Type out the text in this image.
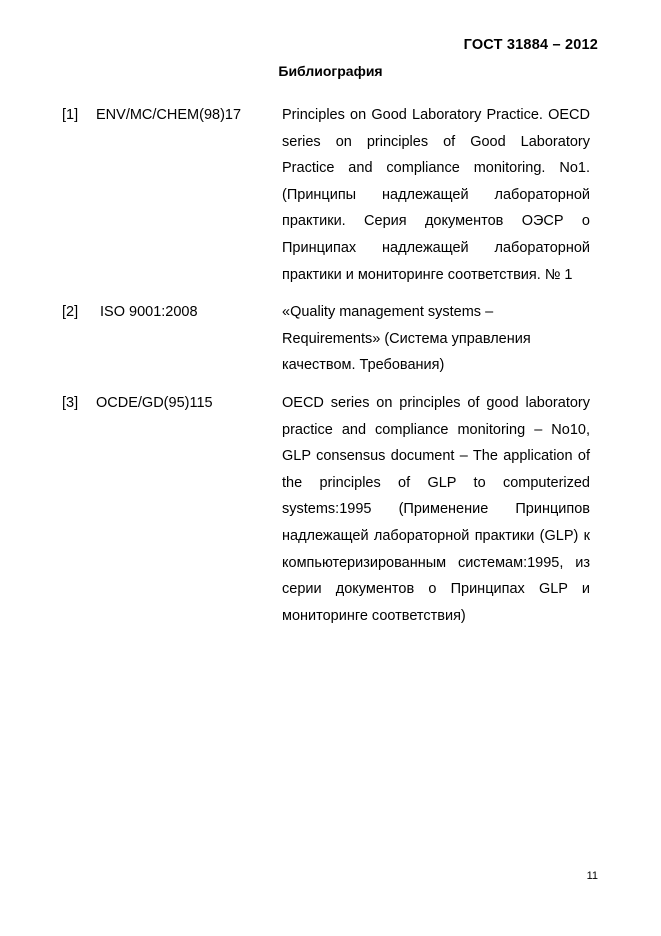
ГОСТ 31884 – 2012
Библиография
[1] ENV/MC/CHEM(98)17	Principles on Good Laboratory Practice. OECD series on principles of Good Laboratory Practice and compliance monitoring. No1.(Принципы надлежащей лабораторной практики. Серия документов ОЭСР о Принципах надлежащей лабораторной практики и мониторинге соответствия. № 1
[2] ISO 9001:2008	«Quality management systems – Requirements» (Система управления качеством. Требования)
[3] OCDE/GD(95)115	OECD series on principles of good laboratory practice and compliance monitoring – No10, GLP consensus document – The application of the principles of GLP to computerized systems:1995 (Применение Принципов надлежащей лабораторной практики (GLP) к компьютеризированным системам:1995, из серии документов о Принципах GLP и мониторинге соответствия)
11
